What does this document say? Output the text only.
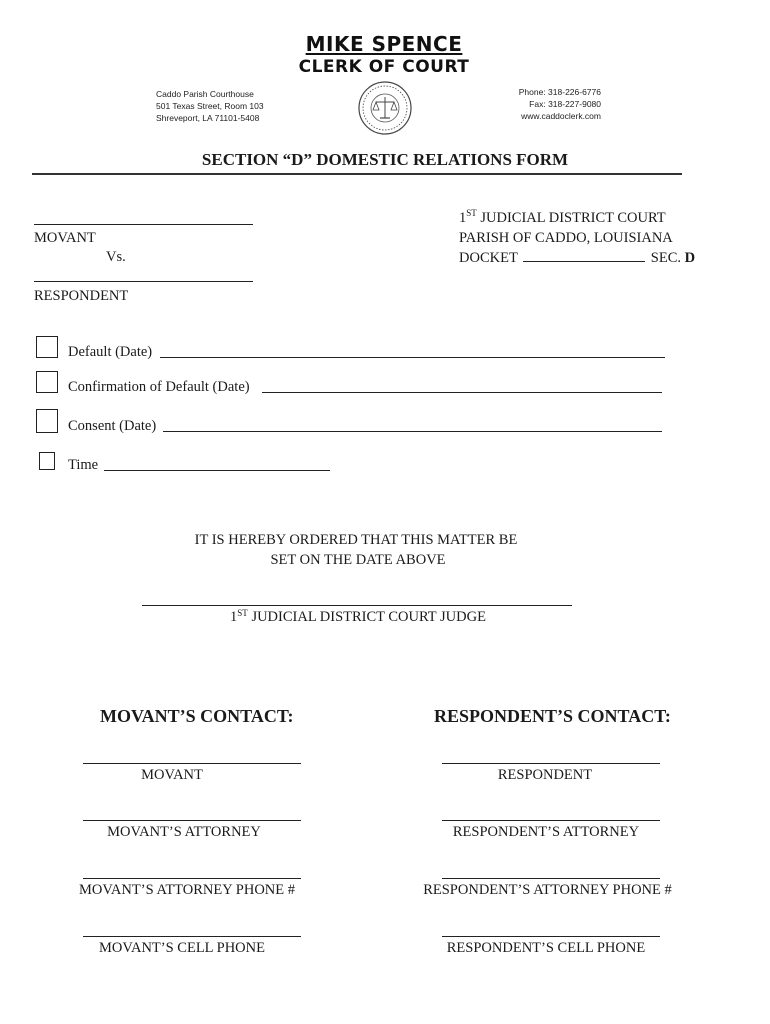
MIKE SPENCE
CLERK OF COURT
Caddo Parish Courthouse
501 Texas Street, Room 103
Shreveport, LA 71101-5408
Phone: 318-226-6776
Fax: 318-227-9080
www.caddoclerk.com
SECTION “D” DOMESTIC RELATIONS FORM
MOVANT
Vs.
RESPONDENT
1ST JUDICIAL DISTRICT COURT
PARISH OF CADDO, LOUISIANA
DOCKET	SEC. D
Default (Date)
Confirmation of Default (Date)
Consent (Date)
Time
IT IS HEREBY ORDERED THAT THIS MATTER BE
SET ON THE DATE ABOVE
1ST JUDICIAL DISTRICT COURT JUDGE
MOVANT’S CONTACT:	RESPONDENT’S CONTACT:
MOVANT	RESPONDENT
MOVANT’S ATTORNEY	RESPONDENT’S ATTORNEY
MOVANT’S ATTORNEY PHONE #	RESPONDENT’S ATTORNEY PHONE #
MOVANT’S CELL PHONE	RESPONDENT’S CELL PHONE
